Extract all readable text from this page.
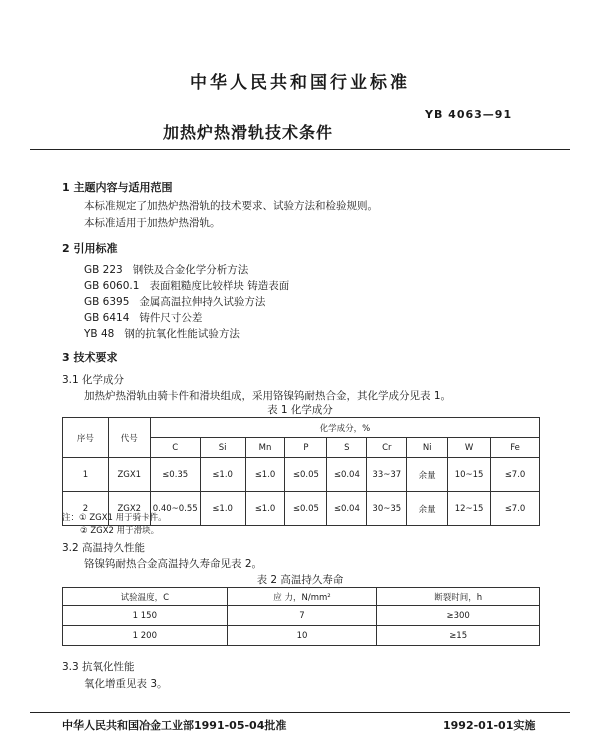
中华人民共和国行业标准
YB 4063—91
加热炉热滑轨技术条件
1 主题内容与适用范围
本标准规定了加热炉热滑轨的技术要求、试验方法和检验规则。
本标准适用于加热炉热滑轨。
2 引用标准
GB 223 钢铁及合金化学分析方法
GB 6060.1 表面粗糙度比较样块 铸造表面
GB 6395 金属高温拉伸持久试验方法
GB 6414 铸件尺寸公差
YB 48 钢的抗氧化性能试验方法
3 技术要求
3.1 化学成分
加热炉热滑轨由骑卡件和滑块组成，采用铬镍钨耐热合金，其化学成分见表 1。
表 1 化学成分
序号	代号	化学成分，%								
		C	Si	Mn	P	S	Cr	Ni	W	Fe
1	ZGX1	≤0.35	≤1.0	≤1.0	≤0.05	≤0.04	33~37	余量	10~15	≤7.0
2	ZGX2	0.40~0.55	≤1.0	≤1.0	≤0.05	≤0.04	30~35	余量	12~15	≤7.0
注：① ZGX1 用于骑卡件。
② ZGX2 用于滑块。
3.2 高温持久性能
铬镍钨耐热合金高温持久寿命见表 2。
表 2 高温持久寿命
试验温度，C	应 力，N/mm²	断裂时间，h
1 150	7	≥300
1 200	10	≥15
3.3 抗氧化性能
氧化增重见表 3。
中华人民共和国冶金工业部1991-05-04批准	1992-01-01实施
